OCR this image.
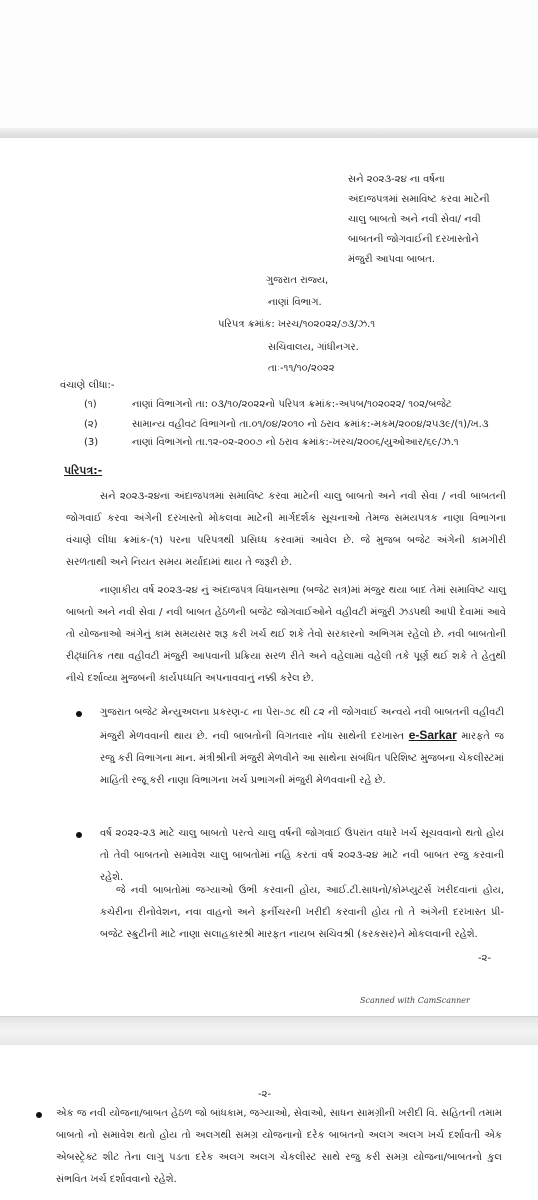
સને ૨૦૨૩-૨૪ ના વર્ષના
અંદાજપત્રમાં સમાવિષ્ટ કરવા માટેની
ચાલુ બાબતો અને નવી સેવા/ નવી
બાબતની જોગવાઈની દરખાસ્તોને
મંજુરી આપવા બાબત.
ગુજરાત રાજ્ય,
નાણાં વિભાગ.
પરિપત્ર ક્રમાંક: ખરચ/૧૦૨૦૨૨/૭૩/ઝ.૧
સચિવાલય, ગાંધીનગર.
તાઃ-૧૧/૧૦/૨૦૨૨
વંચાણે લીધા:-
(૧)	નાણાં વિભાગનો તા: ૦૩/૧૦/૨૦૨૨નો પરિપત્ર ક્રમાંક:-અપબ/૧૦૨૦૨૨/ ૧૦૨/બજેટ
(૨)	સામાન્ય વહીવટ વિભાગનો તા.૦૧/૦૪/૨૦૧૦ નો ઠરાવ ક્રમાંક:-મકમ/૨૦૦૪/૨૫૩૯/(૧)/ખ.૩
(3)	નાણાં વિભાગનો તા.૧૨-૦૨-૨૦૦૭ નો ઠરાવ ક્રમાંક:-ખરચ/૨૦૦૬/યુઓઆર/૬૯/ઝ.૧
પરિપત્ર:-
સને ૨૦૨૩-૨૪ના અંદાજપત્રમાં સમાવિષ્ટ કરવા માટેની ચાલુ બાબતો અને નવી સેવા / નવી બાબતની જોગવાઈ કરવા અંગેની દરખાસ્તો મોકલવા માટેની માર્ગદર્શક સૂચનાઓ તેમજ સમયપત્રક નાણા વિભાગના વંચાણે લીધા ક્રમાંક-(૧) પરના પરિપત્રથી પ્રસિધ્ધ કરવામાં આવેલ છે. જે મુજબ બજેટ અંગેની કામગીરી સરળતાથી અને નિયત સમય મર્યાદામાં થાય તે જરૂરી છે.
નાણાકીય વર્ષ ૨૦૨૩-૨૪ નું અંદાજપત્ર વિધાનસભા (બજેટ સત્ર)માં મંજુર થયા બાદ તેમાં સમાવિષ્ટ ચાલુ બાબતો અને નવી સેવા / નવી બાબત હેઠળની બજેટ જોગવાઈઓને વહીવટી મંજુરી ઝડપથી આપી દેવામાં આવે તો યોજનાઓ અંગેનું કામ સમયસર શરૂ કરી ખર્ચ થઈ શકે તેવો સરકારનો અભિગમ રહેલો છે. નવી બાબતોની રીઢ્ધાંતિક તથા વહીવટી મંજુરી આપવાની પ્રક્રિયા સરળ રીતે અને વહેલામાં વહેલી તકે પૂર્ણ થઈ શકે તે હેતુથી નીચે દર્શાવ્યા મુજબની કાર્યપધ્ધતિ અપનાવવાનું નક્કી કરેલ છે.
ગુજરાત બજેટ મેન્યુઅલના પ્રકરણ-૮ ના પેરા-૭૮ થી ૮૨ ની જોગવાઈ અન્વયે નવી બાબતની વહીવટી મંજુરી મેળવવાની થાય છે. નવી બાબતોની વિગતવાર નોંધ સાથેની દરખાસ્ત e-Sarkar મારફતે જ રજુ કરી વિભાગના માન. મંત્રીશ્રીની મંજુરી મેળવીને આ સાથેના સંબંધિત પરિશિષ્ટ મુજબના ચેકલીસ્ટમાં માહિતી રજૂ કરી નાણા વિભાગના ખર્ચ પ્રભાગની મંજુરી મેળવવાની રહે છે.
વર્ષ ૨૦૨૨-૨૩ માટે ચાલુ બાબતો પરત્વે ચાલુ વર્ષની જોગવાઈ ઉપરાંત વધારે ખર્ચ સૂચવવાનો થતો હોય તો તેવી બાબતનો સમાવેશ ચાલુ બાબતોમાં નહિ કરતાં વર્ષ ૨૦૨૩-૨૪ માટે નવી બાબત રજુ કરવાની રહેશે.
જે નવી બાબતોમાં જગ્યાઓ ઉભી કરવાની હોય, આઈ.ટી.સાધનો/કોમ્પ્યુટર્સ ખરીદવાનાં હોય, કચેરીના રીનોવેશન, નવા વાહનો અને ફર્નીચરની ખરીદી કરવાની હોય તો તે અંગેની દરખાસ્ત પ્રી-બજેટ સ્ક્રુટીની માટે નાણા સલાહકારશ્રી મારફત નાયબ સચિવશ્રી (કરકસર)ને મોકલવાની રહેશે.
-૨-
Scanned with CamScanner
-૨-
એક જ નવી યોજના/બાબત હેઠળ જો બાંધકામ, જગ્યાઓ, સેવાઓ, સાધન સામગ્રીની ખરીદી વિ. સહિતની તમામ બાબતો નો સમાવેશ થતો હોય તો અલગથી સમગ્ર યોજનાનો દરેક બાબતનો અલગ અલગ ખર્ચ દર્શાવતી એક એબસ્ટ્રેક્ટ શીટ તેના લાગુ પડતા દરેક અલગ અલગ ચેકલીસ્ટ સાથે રજુ કરી સમગ્ર યોજના/બાબતનો કુલ સંભવિત ખર્ચ દર્શાવવાનો રહેશે.
